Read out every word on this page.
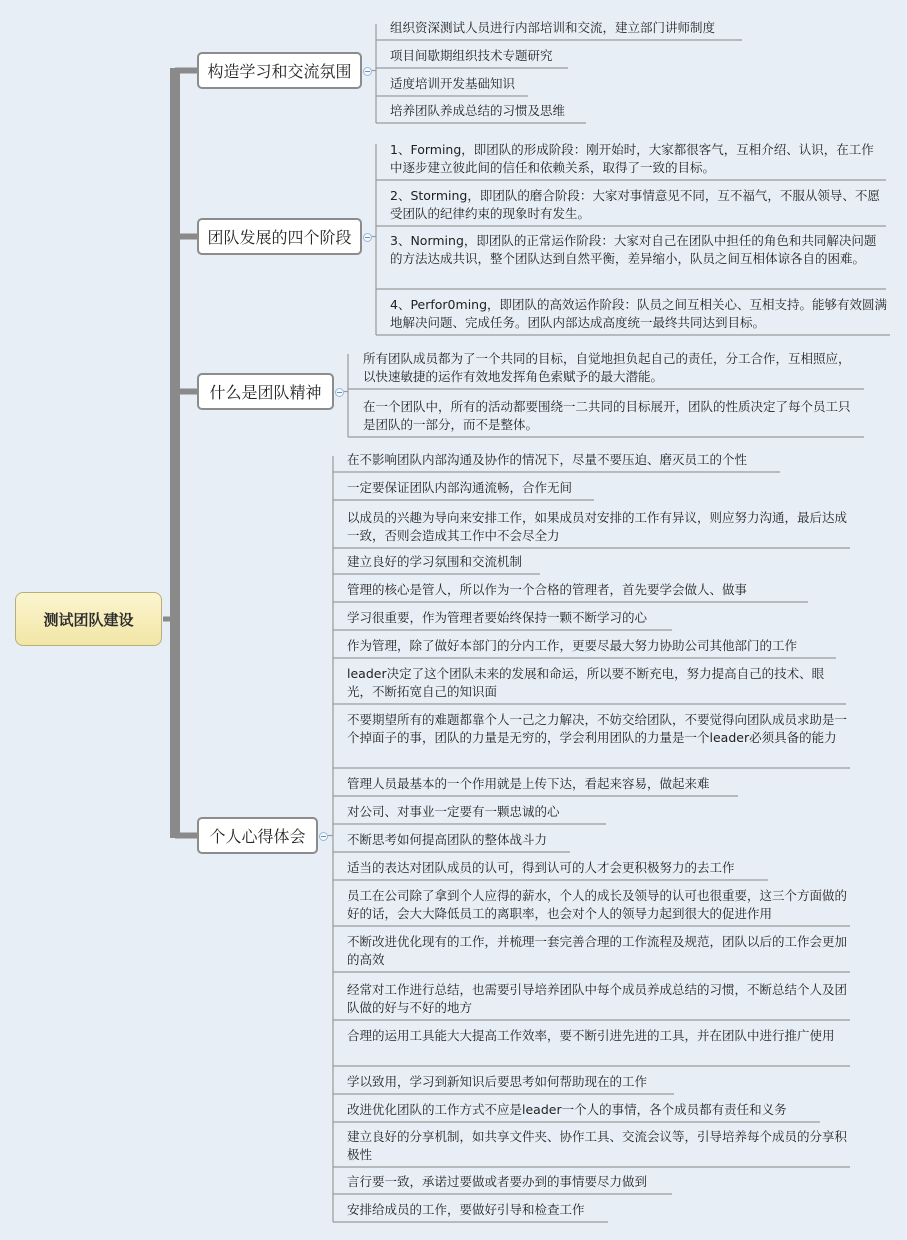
测试团队建设
构造学习和交流氛围
组织资深测试人员进行内部培训和交流，建立部门讲师制度
项目间歇期组织技术专题研究
适度培训开发基础知识
培养团队养成总结的习惯及思维
团队发展的四个阶段
1、Forming，即团队的形成阶段：刚开始时，大家都很客气，互相介绍、认识，在工作中逐步建立彼此间的信任和依赖关系，取得了一致的目标。
2、Storming，即团队的磨合阶段：大家对事情意见不同，互不福气，不服从领导、不愿受团队的纪律约束的现象时有发生。
3、Norming，即团队的正常运作阶段：大家对自己在团队中担任的角色和共同解决问题的方法达成共识，整个团队达到自然平衡，差异缩小，队员之间互相体谅各自的困难。
4、Perfor0ming，即团队的高效运作阶段：队员之间互相关心、互相支持。能够有效圆满地解决问题、完成任务。团队内部达成高度统一最终共同达到目标。
什么是团队精神
所有团队成员都为了一个共同的目标，自觉地担负起自己的责任，分工合作，互相照应，以快速敏捷的运作有效地发挥角色索赋予的最大潜能。
在一个团队中，所有的活动都要围绕一二共同的目标展开，团队的性质决定了每个员工只是团队的一部分，而不是整体。
个人心得体会
在不影响团队内部沟通及协作的情况下，尽量不要压迫、磨灭员工的个性
一定要保证团队内部沟通流畅，合作无间
以成员的兴趣为导向来安排工作，如果成员对安排的工作有异议，则应努力沟通，最后达成一致，否则会造成其工作中不会尽全力
建立良好的学习氛围和交流机制
管理的核心是管人，所以作为一个合格的管理者，首先要学会做人、做事
学习很重要，作为管理者要始终保持一颗不断学习的心
作为管理，除了做好本部门的分内工作，更要尽最大努力协助公司其他部门的工作
leader决定了这个团队未来的发展和命运，所以要不断充电，努力提高自己的技术、眼光，不断拓宽自己的知识面
不要期望所有的难题都靠个人一己之力解决，不妨交给团队，不要觉得向团队成员求助是一个掉面子的事，团队的力量是无穷的，学会利用团队的力量是一个leader必须具备的能力
管理人员最基本的一个作用就是上传下达，看起来容易，做起来难
对公司、对事业一定要有一颗忠诚的心
不断思考如何提高团队的整体战斗力
适当的表达对团队成员的认可，得到认可的人才会更积极努力的去工作
员工在公司除了拿到个人应得的薪水，个人的成长及领导的认可也很重要，这三个方面做的好的话，会大大降低员工的离职率，也会对个人的领导力起到很大的促进作用
不断改进优化现有的工作，并梳理一套完善合理的工作流程及规范，团队以后的工作会更加的高效
经常对工作进行总结，也需要引导培养团队中每个成员养成总结的习惯，不断总结个人及团队做的好与不好的地方
合理的运用工具能大大提高工作效率，要不断引进先进的工具，并在团队中进行推广使用
学以致用，学习到新知识后要思考如何帮助现在的工作
改进优化团队的工作方式不应是leader一个人的事情，各个成员都有责任和义务
建立良好的分享机制，如共享文件夹、协作工具、交流会议等，引导培养每个成员的分享积极性
言行要一致，承诺过要做或者要办到的事情要尽力做到
安排给成员的工作，要做好引导和检查工作
